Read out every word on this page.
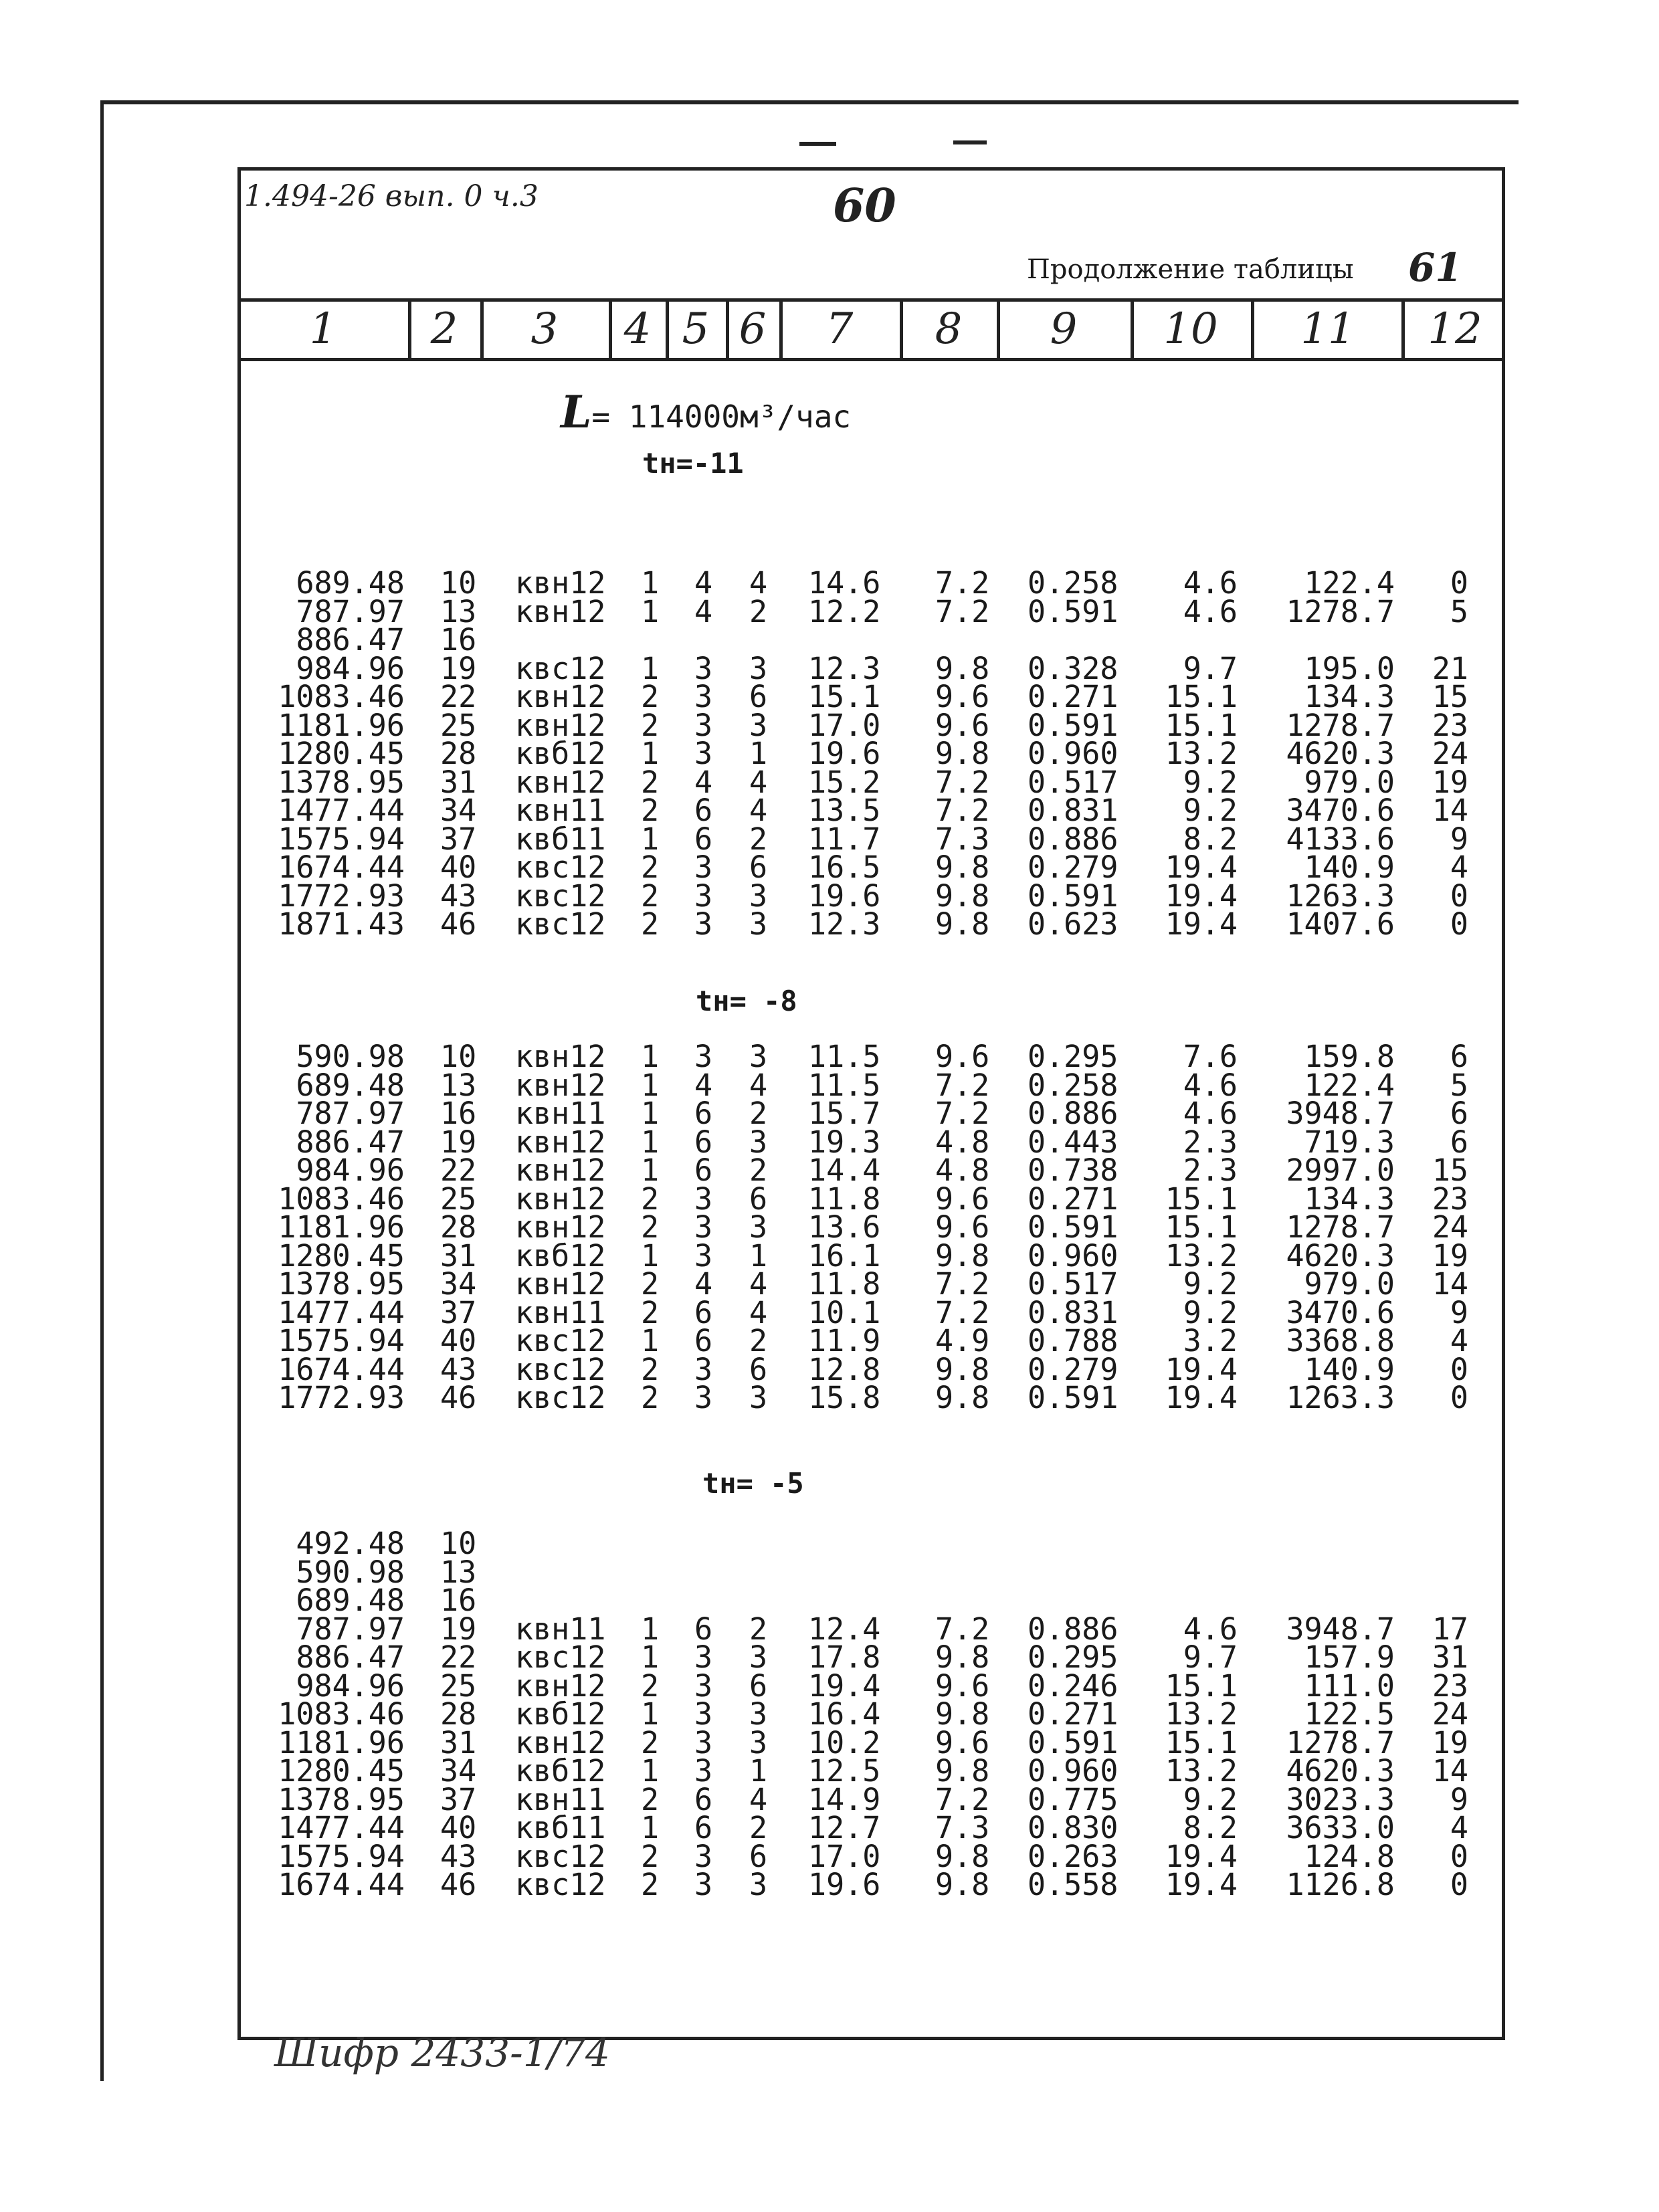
1.494-26 вып. 0 ч.3	60
Продолжение таблицы 61
1	2	3	4 5 6	7	8	9	10	11	12
L= 114000м³/час
tн=-11
tн= -8
tн= -5
689.48 10 квн12 1 4 4 14.6 7.2 0.258 4.6 122.4 0
787.97 13 квн12 1 4 2 12.2 7.2 0.591 4.6 1278.7 5
886.47 16
984.96 19 квс12 1 3 3 12.3 9.8 0.328 9.7 195.0 21
1083.46 22 квн12 2 3 6 15.1 9.6 0.271 15.1 134.3 15
1181.96 25 квн12 2 3 3 17.0 9.6 0.591 15.1 1278.7 23
1280.45 28 квб12 1 3 1 19.6 9.8 0.960 13.2 4620.3 24
1378.95 31 квн12 2 4 4 15.2 7.2 0.517 9.2 979.0 19
1477.44 34 квн11 2 6 4 13.5 7.2 0.831 9.2 3470.6 14
1575.94 37 квб11 1 6 2 11.7 7.3 0.886 8.2 4133.6 9
1674.44 40 квс12 2 3 6 16.5 9.8 0.279 19.4 140.9 4
1772.93 43 квс12 2 3 3 19.6 9.8 0.591 19.4 1263.3 0
1871.43 46 квс12 2 3 3 12.3 9.8 0.623 19.4 1407.6 0
590.98 10 квн12 1 3 3 11.5 9.6 0.295 7.6 159.8 6
689.48 13 квн12 1 4 4 11.5 7.2 0.258 4.6 122.4 5
787.97 16 квн11 1 6 2 15.7 7.2 0.886 4.6 3948.7 6
886.47 19 квн12 1 6 3 19.3 4.8 0.443 2.3 719.3 6
984.96 22 квн12 1 6 2 14.4 4.8 0.738 2.3 2997.0 15
1083.46 25 квн12 2 3 6 11.8 9.6 0.271 15.1 134.3 23
1181.96 28 квн12 2 3 3 13.6 9.6 0.591 15.1 1278.7 24
1280.45 31 квб12 1 3 1 16.1 9.8 0.960 13.2 4620.3 19
1378.95 34 квн12 2 4 4 11.8 7.2 0.517 9.2 979.0 14
1477.44 37 квн11 2 6 4 10.1 7.2 0.831 9.2 3470.6 9
1575.94 40 квс12 1 6 2 11.9 4.9 0.788 3.2 3368.8 4
1674.44 43 квс12 2 3 6 12.8 9.8 0.279 19.4 140.9 0
1772.93 46 квс12 2 3 3 15.8 9.8 0.591 19.4 1263.3 0
492.48 10
590.98 13
689.48 16
787.97 19 квн11 1 6 2 12.4 7.2 0.886 4.6 3948.7 17
886.47 22 квс12 1 3 3 17.8 9.8 0.295 9.7 157.9 31
984.96 25 квн12 2 3 6 19.4 9.6 0.246 15.1 111.0 23
1083.46 28 квб12 1 3 3 16.4 9.8 0.271 13.2 122.5 24
1181.96 31 квн12 2 3 3 10.2 9.6 0.591 15.1 1278.7 19
1280.45 34 квб12 1 3 1 12.5 9.8 0.960 13.2 4620.3 14
1378.95 37 квн11 2 6 4 14.9 7.2 0.775 9.2 3023.3 9
1477.44 40 квб11 1 6 2 12.7 7.3 0.830 8.2 3633.0 4
1575.94 43 квс12 2 3 6 17.0 9.8 0.263 19.4 124.8 0
1674.44 46 квс12 2 3 3 19.6 9.8 0.558 19.4 1126.8 0
Шифр 2433-1/74
